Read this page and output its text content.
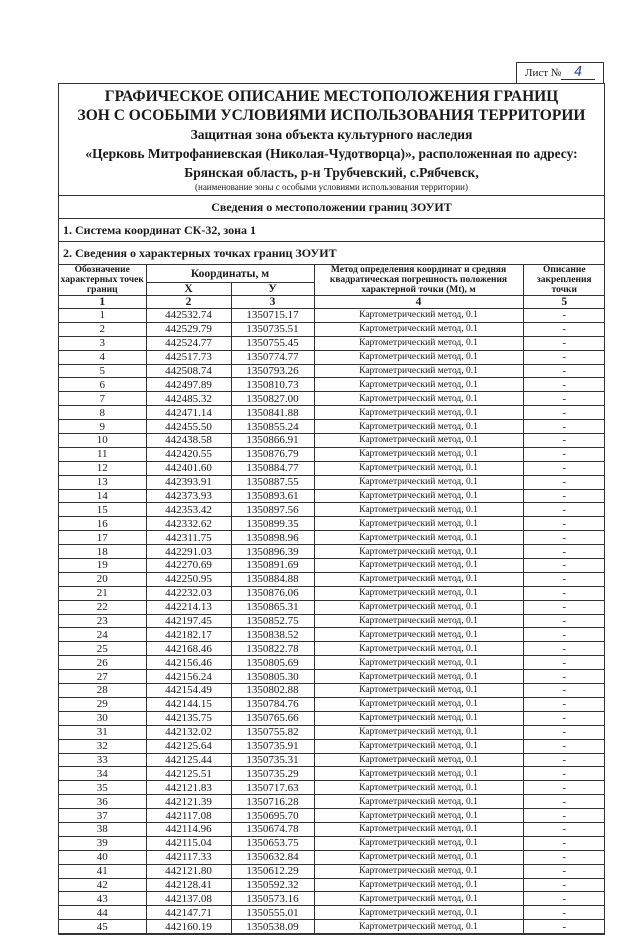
Лист № 4
ГРАФИЧЕСКОЕ ОПИСАНИЕ МЕСТОПОЛОЖЕНИЯ ГРАНИЦ
ЗОН С ОСОБЫМИ УСЛОВИЯМИ ИСПОЛЬЗОВАНИЯ ТЕРРИТОРИИ
Защитная зона объекта культурного наследия
«Церковь Митрофаниевская (Николая-Чудотворца)», расположенная по адресу:
Брянская область, р-н Трубчевский, с.Рябчевск,
(наименование зоны с особыми условиями использования территории)
Сведения о местоположении границ ЗОУИТ
1. Система координат СК-32, зона 1
2. Сведения о характерных точках границ ЗОУИТ
Обозначение характерных точек границ	Координаты, м		Метод определения координат и средняя квадратическая погрешность положения характерной точки (Mt), м	Описание закрепления точки
	X	У		
1	2	3	4	5
1	442532.74	1350715.17	Картометрический метод, 0.1	-
2	442529.79	1350735.51	Картометрический метод, 0.1	-
3	442524.77	1350755.45	Картометрический метод, 0.1	-
4	442517.73	1350774.77	Картометрический метод, 0.1	-
5	442508.74	1350793.26	Картометрический метод, 0.1	-
6	442497.89	1350810.73	Картометрический метод, 0.1	-
7	442485.32	1350827.00	Картометрический метод, 0.1	-
8	442471.14	1350841.88	Картометрический метод, 0.1	-
9	442455.50	1350855.24	Картометрический метод, 0.1	-
10	442438.58	1350866.91	Картометрический метод, 0.1	-
11	442420.55	1350876.79	Картометрический метод, 0.1	-
12	442401.60	1350884.77	Картометрический метод, 0.1	-
13	442393.91	1350887.55	Картометрический метод, 0.1	-
14	442373.93	1350893.61	Картометрический метод, 0.1	-
15	442353.42	1350897.56	Картометрический метод, 0.1	-
16	442332.62	1350899.35	Картометрический метод, 0.1	-
17	442311.75	1350898.96	Картометрический метод, 0.1	-
18	442291.03	1350896.39	Картометрический метод, 0.1	-
19	442270.69	1350891.69	Картометрический метод, 0.1	-
20	442250.95	1350884.88	Картометрический метод, 0.1	-
21	442232.03	1350876.06	Картометрический метод, 0.1	-
22	442214.13	1350865.31	Картометрический метод, 0.1	-
23	442197.45	1350852.75	Картометрический метод, 0.1	-
24	442182.17	1350838.52	Картометрический метод, 0.1	-
25	442168.46	1350822.78	Картометрический метод, 0.1	-
26	442156.46	1350805.69	Картометрический метод, 0.1	-
27	442156.24	1350805.30	Картометрический метод, 0.1	-
28	442154.49	1350802.88	Картометрический метод, 0.1	-
29	442144.15	1350784.76	Картометрический метод, 0.1	-
30	442135.75	1350765.66	Картометрический метод, 0.1	-
31	442132.02	1350755.82	Картометрический метод, 0.1	-
32	442125.64	1350735.91	Картометрический метод, 0.1	-
33	442125.44	1350735.31	Картометрический метод, 0.1	-
34	442125.51	1350735.29	Картометрический метод, 0.1	-
35	442121.83	1350717.63	Картометрический метод, 0.1	-
36	442121.39	1350716.28	Картометрический метод, 0.1	-
37	442117.08	1350695.70	Картометрический метод, 0.1	-
38	442114.96	1350674.78	Картометрический метод, 0.1	-
39	442115.04	1350653.75	Картометрический метод, 0.1	-
40	442117.33	1350632.84	Картометрический метод, 0.1	-
41	442121.80	1350612.29	Картометрический метод, 0.1	-
42	442128.41	1350592.32	Картометрический метод, 0.1	-
43	442137.08	1350573.16	Картометрический метод, 0.1	-
44	442147.71	1350555.01	Картометрический метод, 0.1	-
45	442160.19	1350538.09	Картометрический метод, 0.1	-
